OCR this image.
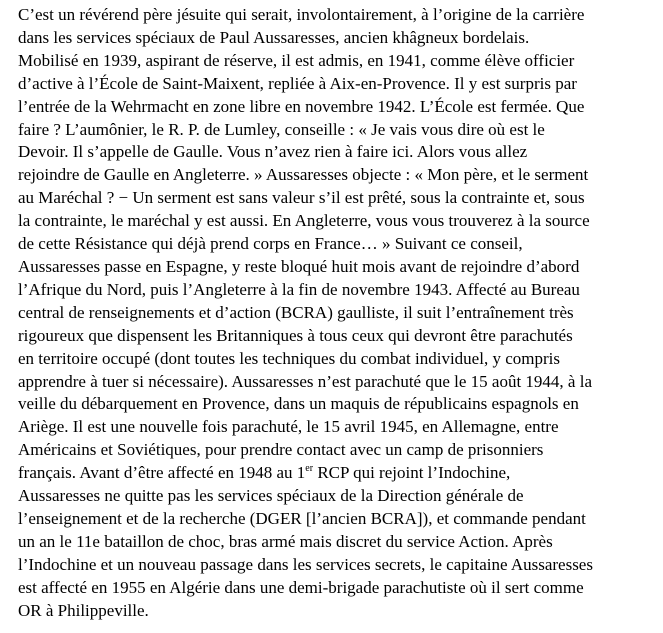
C’est un révérend père jésuite qui serait, involontairement, à l’origine de la carrière
dans les services spéciaux de Paul Aussaresses, ancien khâgneux bordelais.
Mobilisé en 1939, aspirant de réserve, il est admis, en 1941, comme élève officier
d’active à l’École de Saint-Maixent, repliée à Aix-en-Provence. Il y est surpris par
l’entrée de la Wehrmacht en zone libre en novembre 1942. L’École est fermée. Que
faire ? L’aumônier, le R. P. de Lumley, conseille : « Je vais vous dire où est le
Devoir. Il s’appelle de Gaulle. Vous n’avez rien à faire ici. Alors vous allez
rejoindre de Gaulle en Angleterre. » Aussaresses objecte : « Mon père, et le serment
au Maréchal ? − Un serment est sans valeur s’il est prêté, sous la contrainte et, sous
la contrainte, le maréchal y est aussi. En Angleterre, vous vous trouverez à la source
de cette Résistance qui déjà prend corps en France… » Suivant ce conseil,
Aussaresses passe en Espagne, y reste bloqué huit mois avant de rejoindre d’abord
l’Afrique du Nord, puis l’Angleterre à la fin de novembre 1943. Affecté au Bureau
central de renseignements et d’action (BCRA) gaulliste, il suit l’entraînement très
rigoureux que dispensent les Britanniques à tous ceux qui devront être parachutés
en territoire occupé (dont toutes les techniques du combat individuel, y compris
apprendre à tuer si nécessaire). Aussaresses n’est parachuté que le 15 août 1944, à la
veille du débarquement en Provence, dans un maquis de républicains espagnols en
Ariège. Il est une nouvelle fois parachuté, le 15 avril 1945, en Allemagne, entre
Américains et Soviétiques, pour prendre contact avec un camp de prisonniers
français. Avant d’être affecté en 1948 au 1er RCP qui rejoint l’Indochine,
Aussaresses ne quitte pas les services spéciaux de la Direction générale de
l’enseignement et de la recherche (DGER [l’ancien BCRA]), et commande pendant
un an le 11e bataillon de choc, bras armé mais discret du service Action. Après
l’Indochine et un nouveau passage dans les services secrets, le capitaine Aussaresses
est affecté en 1955 en Algérie dans une demi-brigade parachutiste où il sert comme
OR à Philippeville.
